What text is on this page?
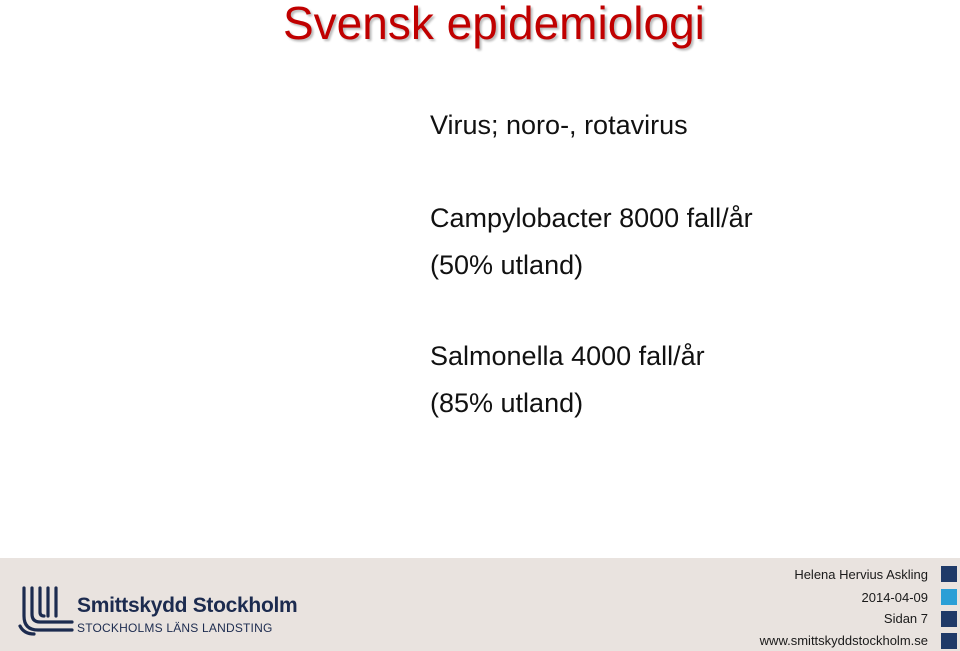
Svensk epidemiologi
Virus; noro-, rotavirus
Campylobacter 8000 fall/år
(50% utland)
Salmonella 4000 fall/år
(85% utland)
Smittskydd Stockholm
STOCKHOLMS LÄNS LANDSTING
Helena Hervius Askling
2014-04-09
Sidan 7
www.smittskyddstockholm.se
